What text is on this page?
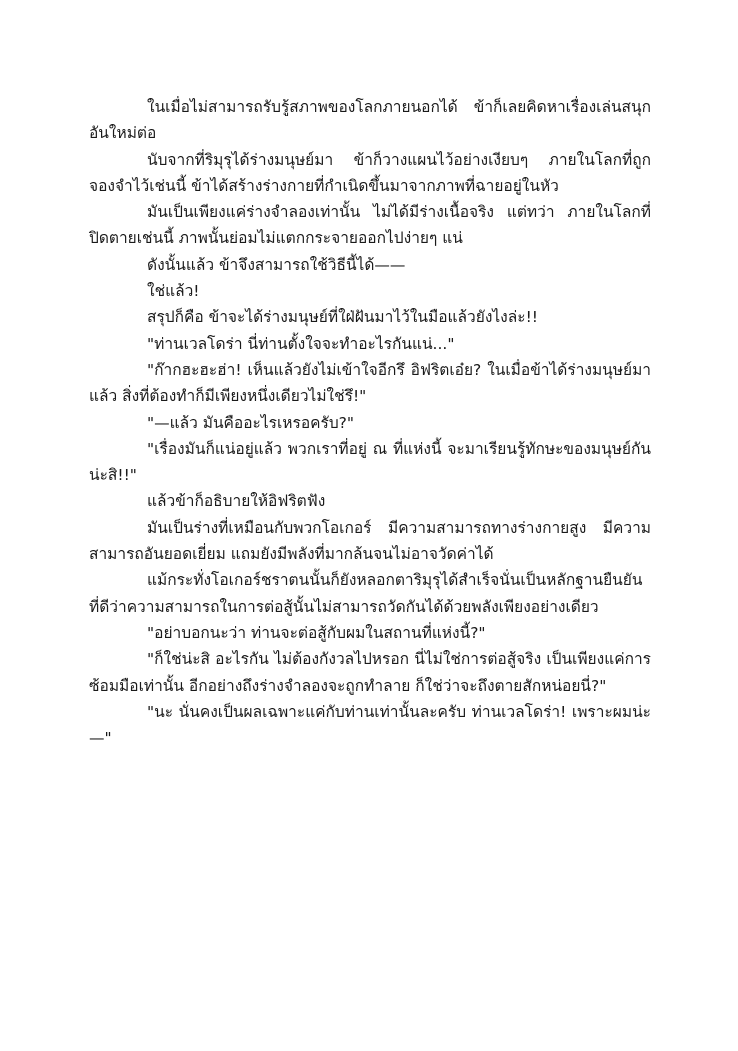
ในเมื่อไม่สามารถรับรู้สภาพของโลกภายนอกได้ ข้าก็เลยคิดหาเรื่องเล่นสนุกอันใหม่ต่อ

นับจากที่ริมุรุได้ร่างมนุษย์มา ข้าก็วางแผนไว้อย่างเงียบๆ ภายในโลกที่ถูกจองจำไว้เช่นนี้ ข้าได้สร้างร่างกายที่กำเนิดขึ้นมาจากภาพที่ฉายอยู่ในหัว

มันเป็นเพียงแค่ร่างจำลองเท่านั้น ไม่ได้มีร่างเนื้อจริง แต่ทว่า ภายในโลกที่ปิดตายเช่นนี้ ภาพนั้นย่อมไม่แตกกระจายออกไปง่ายๆ แน่

ดังนั้นแล้ว ข้าจึงสามารถใช้วิธีนี้ได้——

ใช่แล้ว!

สรุปก็คือ ข้าจะได้ร่างมนุษย์ที่ใฝ่ฝันมาไว้ในมือแล้วยังไงล่ะ!!

"ท่านเวลโดร่า นี่ท่านตั้งใจจะทำอะไรกันแน่..."

"ก๊ากฮะฮะฮ่า! เห็นแล้วยังไม่เข้าใจอีกรึ อิฟริตเอ๋ย? ในเมื่อข้าได้ร่างมนุษย์มาแล้ว สิ่งที่ต้องทำก็มีเพียงหนึ่งเดียวไม่ใช่รึ!"

"—แล้ว มันคืออะไรเหรอครับ?"

"เรื่องมันก็แน่อยู่แล้ว พวกเราที่อยู่ ณ ที่แห่งนี้ จะมาเรียนรู้ทักษะของมนุษย์กันน่ะสิ!!"

แล้วข้าก็อธิบายให้อิฟริตฟัง

มันเป็นร่างที่เหมือนกับพวกโอเกอร์ มีความสามารถทางร่างกายสูง มีความสามารถอันยอดเยี่ยม แถมยังมีพลังที่มากล้นจนไม่อาจวัดค่าได้

แม้กระทั่งโอเกอร์ชราตนนั้นก็ยังหลอกตาริมุรุได้สำเร็จนั่นเป็นหลักฐานยืนยันที่ดีว่าความสามารถในการต่อสู้นั้นไม่สามารถวัดกันได้ด้วยพลังเพียงอย่างเดียว

"อย่าบอกนะว่า ท่านจะต่อสู้กับผมในสถานที่แห่งนี้?"

"ก็ใช่น่ะสิ อะไรกัน ไม่ต้องกังวลไปหรอก นี่ไม่ใช่การต่อสู้จริง เป็นเพียงแค่การซ้อมมือเท่านั้น อีกอย่างถึงร่างจำลองจะถูกทำลาย ก็ใช่ว่าจะถึงตายสักหน่อยนี่?"

"นะ นั่นคงเป็นผลเฉพาะแค่กับท่านเท่านั้นละครับ ท่านเวลโดร่า! เพราะผมน่ะ—"
